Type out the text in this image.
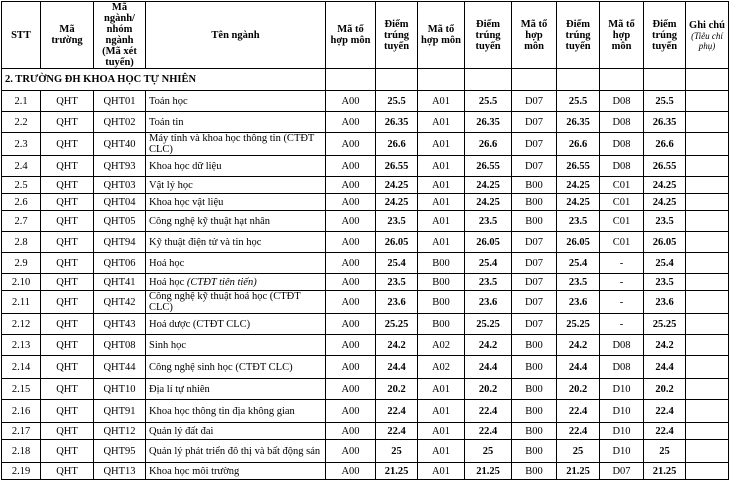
STT	Mã trường	Mã ngành/ nhóm ngành (Mã xét tuyển)	Tên ngành	Mã tổ hợp môn	Điểm trúng tuyển	Mã tổ hợp môn	Điểm trúng tuyển	Mã tổ hợp môn	Điểm trúng tuyển	Mã tổ hợp môn	Điểm trúng tuyển	Ghi chú
(Tiêu chí phụ)

2. TRƯỜNG ĐH KHOA HỌC TỰ NHIÊN												
2.1	QHT	QHT01	Toán học	A00	25.5	A01	25.5	D07	25.5	D08	25.5	
2.2	QHT	QHT02	Toán tin	A00	26.35	A01	26.35	D07	26.35	D08	26.35	
2.3	QHT	QHT40	Máy tính và khoa học thông tin (CTĐT CLC)	A00	26.6	A01	26.6	D07	26.6	D08	26.6	
2.4	QHT	QHT93	Khoa học dữ liệu	A00	26.55	A01	26.55	D07	26.55	D08	26.55	
2.5	QHT	QHT03	Vật lý học	A00	24.25	A01	24.25	B00	24.25	C01	24.25	
2.6	QHT	QHT04	Khoa học vật liệu	A00	24.25	A01	24.25	B00	24.25	C01	24.25	
2.7	QHT	QHT05	Công nghệ kỹ thuật hạt nhân	A00	23.5	A01	23.5	B00	23.5	C01	23.5	
2.8	QHT	QHT94	Kỹ thuật điện tử và tin học	A00	26.05	A01	26.05	D07	26.05	C01	26.05	
2.9	QHT	QHT06	Hoá học	A00	25.4	B00	25.4	D07	25.4	-	25.4	
2.10	QHT	QHT41	Hoá học (CTĐT tiên tiến)	A00	23.5	B00	23.5	D07	23.5	-	23.5	
2.11	QHT	QHT42	Công nghệ kỹ thuật hoá học (CTĐT CLC)	A00	23.6	B00	23.6	D07	23.6	-	23.6	
2.12	QHT	QHT43	Hoá dược (CTĐT CLC)	A00	25.25	B00	25.25	D07	25.25	-	25.25	
2.13	QHT	QHT08	Sinh học	A00	24.2	A02	24.2	B00	24.2	D08	24.2	
2.14	QHT	QHT44	Công nghệ sinh học (CTĐT CLC)	A00	24.4	A02	24.4	B00	24.4	D08	24.4	
2.15	QHT	QHT10	Địa lí tự nhiên	A00	20.2	A01	20.2	B00	20.2	D10	20.2	
2.16	QHT	QHT91	Khoa học thông tin địa không gian	A00	22.4	A01	22.4	B00	22.4	D10	22.4	
2.17	QHT	QHT12	Quản lý đất đai	A00	22.4	A01	22.4	B00	22.4	D10	22.4	
2.18	QHT	QHT95	Quản lý phát triển đô thị và bất động sản	A00	25	A01	25	B00	25	D10	25	
2.19	QHT	QHT13	Khoa học môi trường	A00	21.25	A01	21.25	B00	21.25	D07	21.25	
